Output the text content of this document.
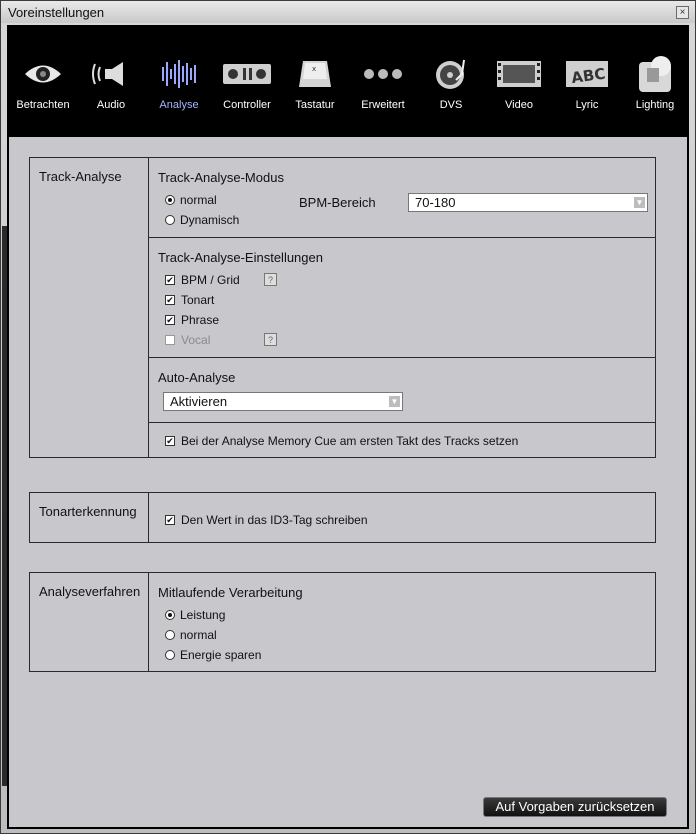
Voreinstellungen	×
Betrachten	Audio	Analyse	Controller
x
Tastatur	Erweitert	DVS	Video
ABC
Lyric	Lighting
Track-Analyse	Track-Analyse-Modus
normal
Dynamisch
BPM-Bereich	70-180	▼
Track-Analyse-Einstellungen
✔ BPM / Grid	?
✔ Tonart
✔ Phrase
Vocal	?
Auto-Analyse
Aktivieren	▼
✔ Bei der Analyse Memory Cue am ersten Takt des Tracks setzen
Tonarterkennung
✔ Den Wert in das ID3-Tag schreiben
Analyseverfahren	Mitlaufende Verarbeitung
Leistung
normal
Energie sparen
Auf Vorgaben zurücksetzen
